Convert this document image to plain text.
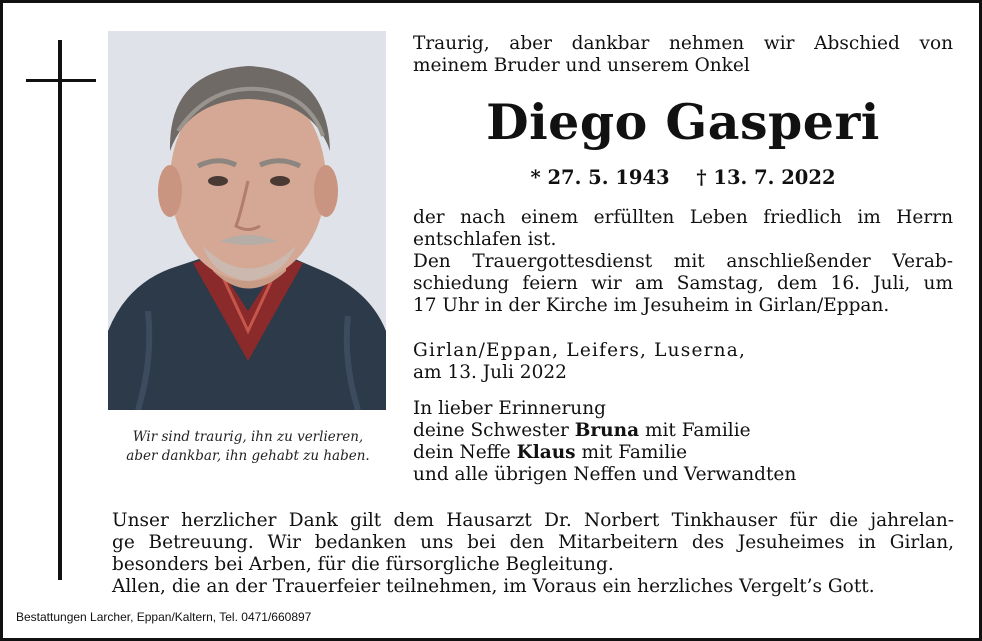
Wir sind traurig, ihn zu verlieren,
aber dankbar, ihn gehabt zu haben.
Traurig, aber dankbar nehmen wir Abschied von
meinem Bruder und unserem Onkel
Diego Gasperi
* 27. 5. 1943 † 13. 7. 2022
der nach einem erfüllten Leben friedlich im Herrn
entschlafen ist.
Den Trauergottesdienst mit anschließender Verab-
schiedung feiern wir am Samstag, dem 16. Juli, um
17 Uhr in der Kirche im Jesuheim in Girlan/Eppan.
Girlan/Eppan, Leifers, Luserna,
am 13. Juli 2022
In lieber Erinnerung
deine Schwester Bruna mit Familie
dein Neffe Klaus mit Familie
und alle übrigen Neffen und Verwandten
Unser herzlicher Dank gilt dem Hausarzt Dr. Norbert Tinkhauser für die jahrelan-
ge Betreuung. Wir bedanken uns bei den Mitarbeitern des Jesuheimes in Girlan,
besonders bei Arben, für die fürsorgliche Begleitung.
Allen, die an der Trauerfeier teilnehmen, im Voraus ein herzliches Vergelt’s Gott.
Bestattungen Larcher, Eppan/Kaltern, Tel. 0471/660897
